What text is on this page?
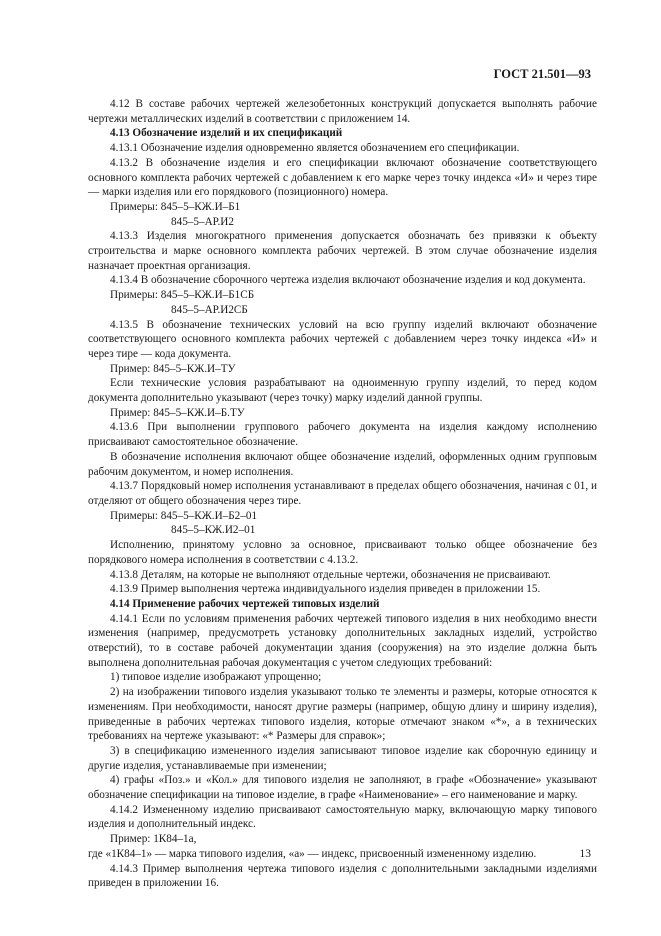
ГОСТ 21.501—93

4.12 В составе рабочих чертежей железобетонных конструкций допускается выполнять рабочие чертежи металлических изделий в соответствии с приложением 14.

4.13 Обозначение изделий и их спецификаций

4.13.1 Обозначение изделия одновременно является обозначением его спецификации.

4.13.2 В обозначение изделия и его спецификации включают обозначение соответствующего основного комплекта рабочих чертежей с добавлением к его марке через точку индекса «И» и через тире — марки изделия или его порядкового (позиционного) номера.

Примеры: 845–5–КЖ.И–Б1

845–5–АР.И2

4.13.3 Изделия многократного применения допускается обозначать без привязки к объекту строительства и марке основного комплекта рабочих чертежей. В этом случае обозначение изделия назначает проектная организация.

4.13.4 В обозначение сборочного чертежа изделия включают обозначение изделия и код документа.

Примеры: 845–5–КЖ.И–Б1СБ

845–5–АР.И2СБ

4.13.5 В обозначение технических условий на всю группу изделий включают обозначение соответствующего основного комплекта рабочих чертежей с добавлением через точку индекса «И» и через тире — кода документа.

Пример: 845–5–КЖ.И–ТУ

Если технические условия разрабатывают на одноименную группу изделий, то перед кодом документа дополнительно указывают (через точку) марку изделий данной группы.

Пример: 845–5–КЖ.И–Б.ТУ

4.13.6 При выполнении группового рабочего документа на изделия каждому исполнению присваивают самостоятельное обозначение.

В обозначение исполнения включают общее обозначение изделий, оформленных одним групповым рабочим документом, и номер исполнения.

4.13.7 Порядковый номер исполнения устанавливают в пределах общего обозначения, начиная с 01, и отделяют от общего обозначения через тире.

Примеры: 845–5–КЖ.И–Б2–01

845–5–КЖ.И2–01

Исполнению, принятому условно за основное, присваивают только общее обозначение без порядкового номера исполнения в соответствии с 4.13.2.

4.13.8 Деталям, на которые не выполняют отдельные чертежи, обозначения не присваивают.

4.13.9 Пример выполнения чертежа индивидуального изделия приведен в приложении 15.

4.14 Применение рабочих чертежей типовых изделий

4.14.1 Если по условиям применения рабочих чертежей типового изделия в них необходимо внести изменения (например, предусмотреть установку дополнительных закладных изделий, устройство отверстий), то в составе рабочей документации здания (сооружения) на это изделие должна быть выполнена дополнительная рабочая документация с учетом следующих требований:

1) типовое изделие изображают упрощенно;

2) на изображении типового изделия указывают только те элементы и размеры, которые относятся к изменениям. При необходимости, наносят другие размеры (например, общую длину и ширину изделия), приведенные в рабочих чертежах типового изделия, которые отмечают знаком «*», а в технических требованиях на чертеже указывают: «* Размеры для справок»;

3) в спецификацию измененного изделия записывают типовое изделие как сборочную единицу и другие изделия, устанавливаемые при изменении;

4) графы «Поз.» и «Кол.» для типового изделия не заполняют, в графе «Обозначение» указывают обозначение спецификации на типовое изделие, в графе «Наименование» – его наименование и марку.

4.14.2 Измененному изделию присваивают самостоятельную марку, включающую марку типового изделия и дополнительный индекс.

Пример: 1К84–1а,

где «1К84–1» — марка типового изделия, «а» — индекс, присвоенный измененному изделию.

4.14.3 Пример выполнения чертежа типового изделия с дополнительными закладными изделиями приведен в приложении 16.

13
